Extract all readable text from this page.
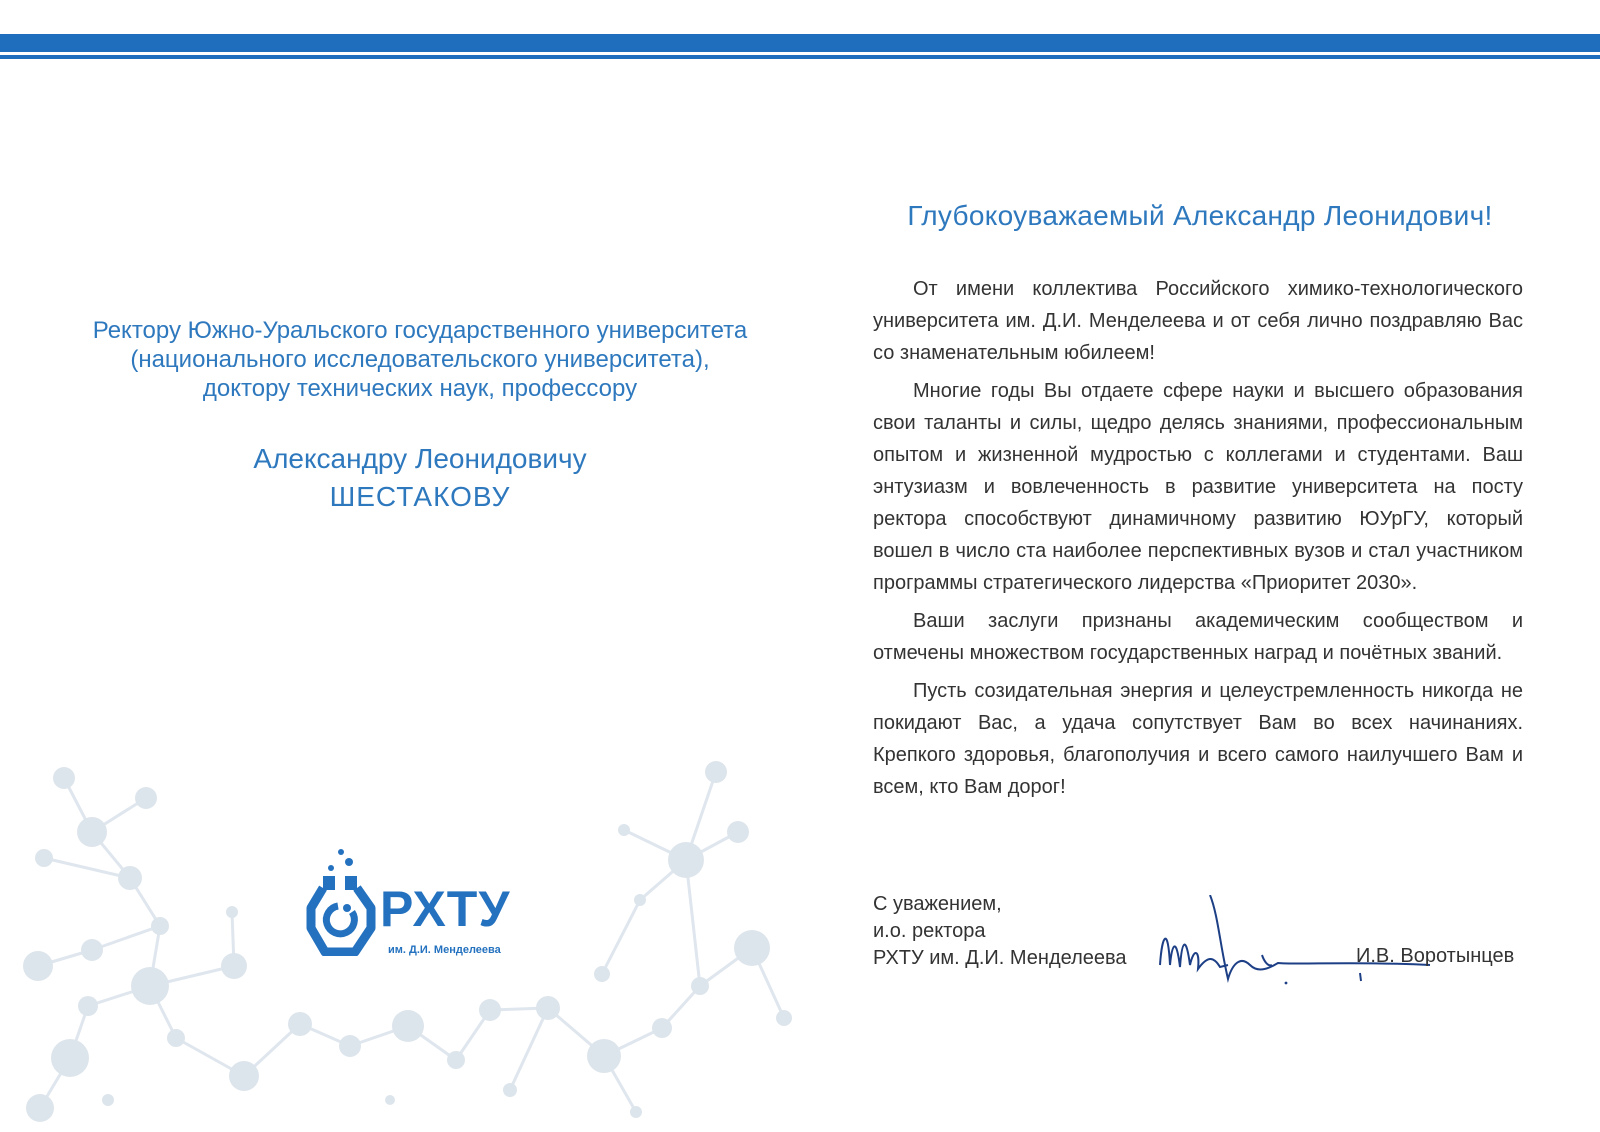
Ректору Южно-Уральского государственного университета
(национального исследовательского университета),
доктору технических наук, профессору
Александру Леонидовичу
ШЕСТАКОВУ
РХТУ
им. Д.И. Менделеева
Глубокоуважаемый Александр Леонидович!

От имени коллектива Российского химико-технологического университета им. Д.И. Менделеева и от себя лично поздравляю Вас со знаменательным юбилеем!

Многие годы Вы отдаете сфере науки и высшего образования свои таланты и силы, щедро делясь знаниями, профессиональным опытом и жизненной мудростью с коллегами и студентами. Ваш энтузиазм и вовлеченность в развитие университета на посту ректора способствуют динамичному развитию ЮУрГУ, который вошел в число ста наиболее перспективных вузов и стал участником программы стратегического лидерства «Приоритет 2030».

Ваши заслуги признаны академическим сообществом и отмечены множеством государственных наград и почётных званий.

Пусть созидательная энергия и целеустремленность никогда не покидают Вас, а удача сопутствует Вам во всех начинаниях. Крепкого здоровья, благополучия и всего самого наилучшего Вам и всем, кто Вам дорог!

С уважением,
и.о. ректора
РХТУ им. Д.И. Менделеева	И.В. Воротынцев
